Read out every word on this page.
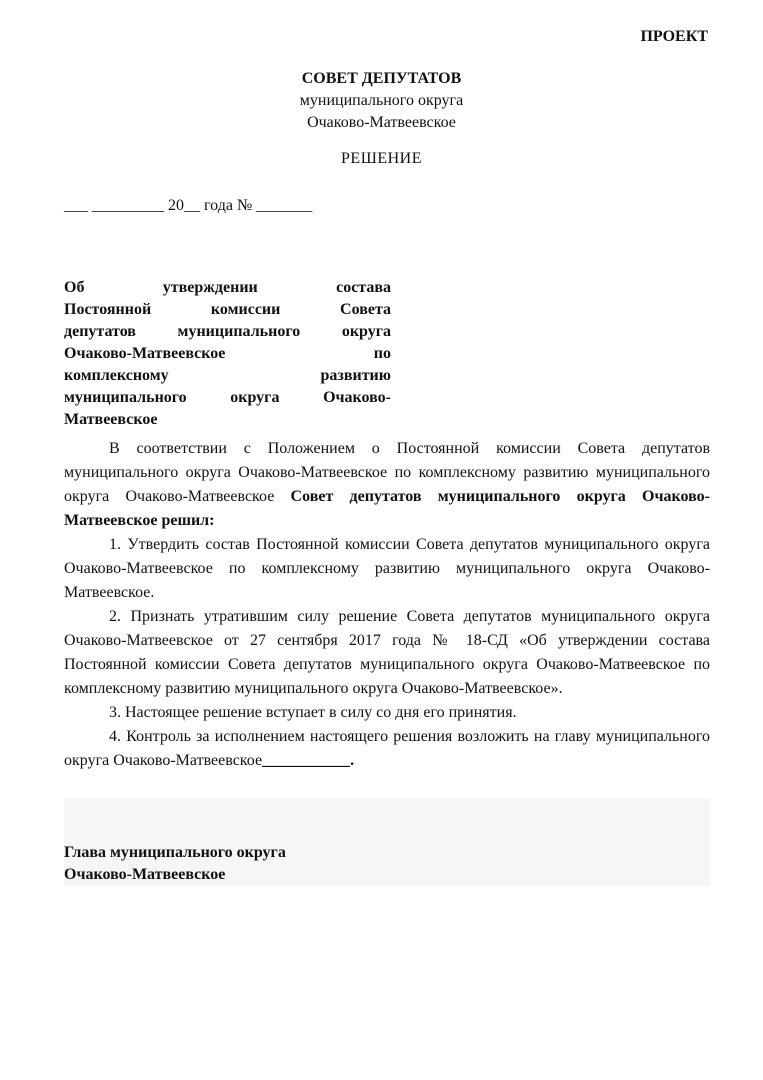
ПРОЕКТ
СОВЕТ ДЕПУТАТОВ
муниципального округа
Очаково-Матвеевское
РЕШЕНИЕ
___ _________ 20__ года № _______
Об утверждении состава
Постоянной комиссии Совета
депутатов муниципального округа
Очаково-Матвеевское по
комплексному развитию
муниципального округа Очаково-
Матвеевское

В соответствии с Положением о Постоянной комиссии Совета депутатов муниципального округа Очаково-Матвеевское по комплексному развитию муниципального округа Очаково-Матвеевское Совет депутатов муниципального округа Очаково-Матвеевское решил:

1. Утвердить состав Постоянной комиссии Совета депутатов муниципального округа Очаково-Матвеевское по комплексному развитию муниципального округа Очаково-Матвеевское.

2. Признать утратившим силу решение Совета депутатов муниципального округа Очаково-Матвеевское от 27 сентября 2017 года № 18-СД «Об утверждении состава Постоянной комиссии Совета депутатов муниципального округа Очаково-Матвеевское по комплексному развитию муниципального округа Очаково-Матвеевское».

3. Настоящее решение вступает в силу со дня его принятия.

4. Контроль за исполнением настоящего решения возложить на главу муниципального округа Очаково-Матвеевское___________.

Глава муниципального округа
Очаково-Матвеевское
